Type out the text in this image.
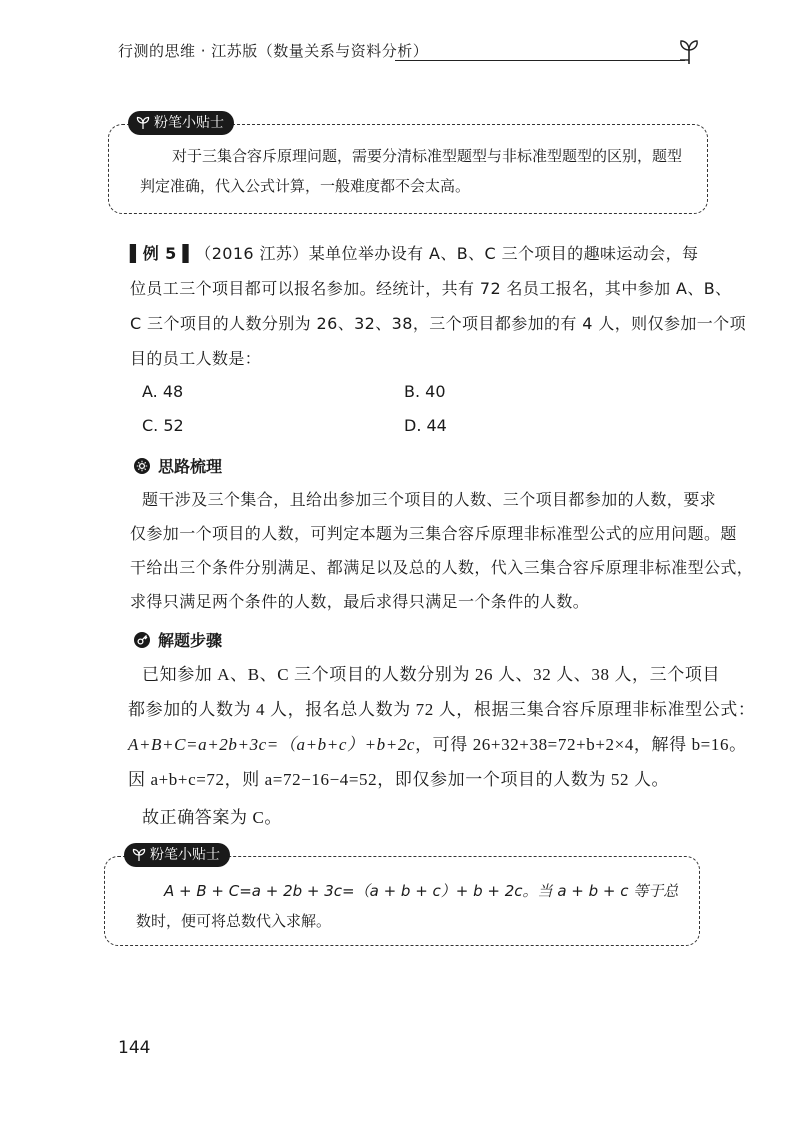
行测的思维 · 江苏版（数量关系与资料分析）
粉笔小贴士
对于三集合容斥原理问题，需要分清标准型题型与非标准型题型的区别，题型
判定准确，代入公式计算，一般难度都不会太高。
▌例 5 ▌（2016 江苏）某单位举办设有 A、B、C 三个项目的趣味运动会，每
位员工三个项目都可以报名参加。经统计，共有 72 名员工报名，其中参加 A、B、
C 三个项目的人数分别为 26、32、38，三个项目都参加的有 4 人，则仅参加一个项
目的员工人数是：
A. 48	B. 40
C. 52	D. 44
思路梳理
题干涉及三个集合，且给出参加三个项目的人数、三个项目都参加的人数，要求
仅参加一个项目的人数，可判定本题为三集合容斥原理非标准型公式的应用问题。题
干给出三个条件分别满足、都满足以及总的人数，代入三集合容斥原理非标准型公式，
求得只满足两个条件的人数，最后求得只满足一个条件的人数。
解题步骤
已知参加 A、B、C 三个项目的人数分别为 26 人、32 人、38 人，三个项目
都参加的人数为 4 人，报名总人数为 72 人，根据三集合容斥原理非标准型公式：
A+B+C=a+2b+3c=（a+b+c）+b+2c，可得 26+32+38=72+b+2×4，解得 b=16。
因 a+b+c=72，则 a=72−16−4=52，即仅参加一个项目的人数为 52 人。
故正确答案为 C。
粉笔小贴士
A + B + C=a + 2b + 3c=（a + b + c）+ b + 2c。当 a + b + c 等于总
数时，便可将总数代入求解。
144
